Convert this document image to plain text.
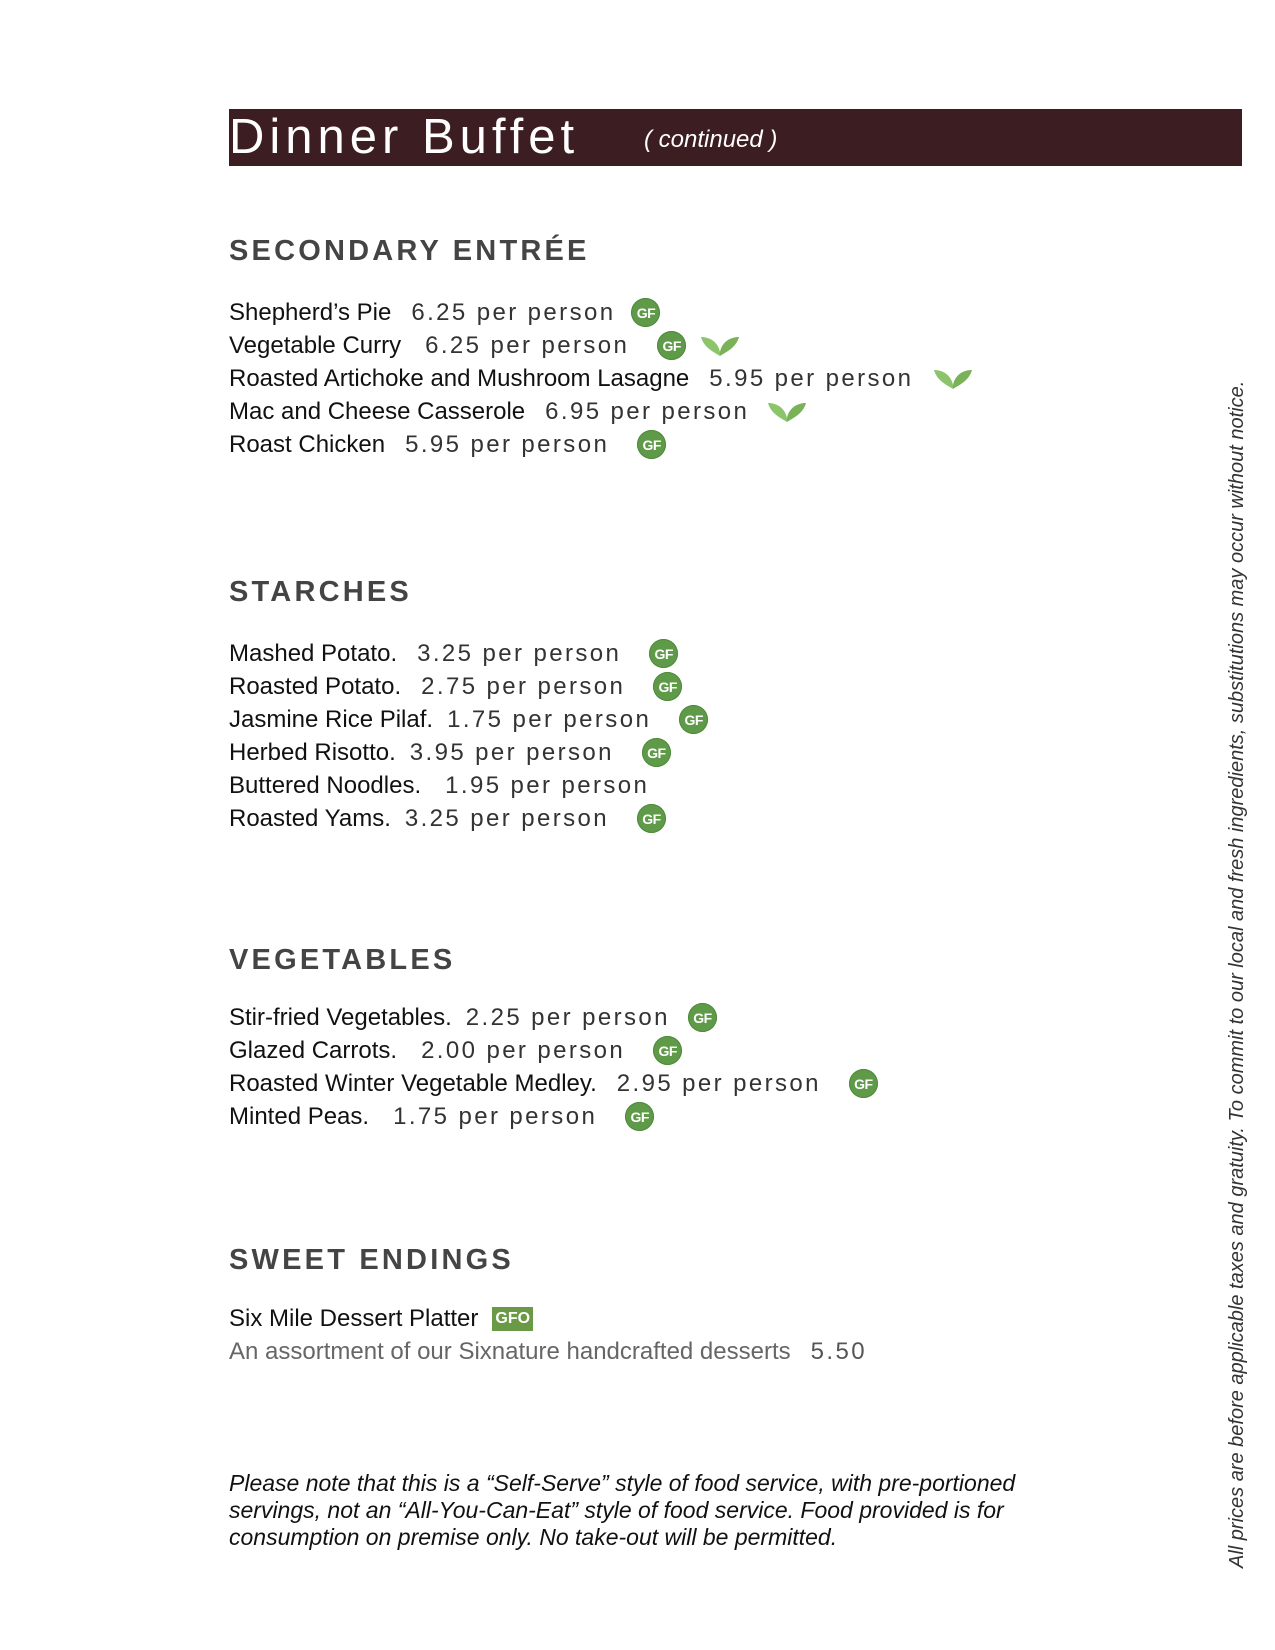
Dinner Buffet	( continued )
SECONDARY ENTRÉE
Shepherd’s Pie 6.25 per person	GF
Vegetable Curry 6.25 per person	GF
Roasted Artichoke and Mushroom Lasagne 5.95 per person
Mac and Cheese Casserole 6.95 per person
Roast Chicken 5.95 per person	GF
STARCHES
Mashed Potato. 3.25 per person	GF
Roasted Potato. 2.75 per person	GF
Jasmine Rice Pilaf. 1.75 per person	GF
Herbed Risotto. 3.95 per person	GF
Buttered Noodles. 1.95 per person
Roasted Yams. 3.25 per person	GF
VEGETABLES
Stir-fried Vegetables. 2.25 per person	GF
Glazed Carrots. 2.00 per person	GF
Roasted Winter Vegetable Medley. 2.95 per person	GF
Minted Peas. 1.75 per person	GF
SWEET ENDINGS
Six Mile Dessert Platter GFO
An assortment of our Sixnature handcrafted desserts 5.50

Please note that this is a “Self-Serve” style of food service, with pre-portioned servings, not an “All-You-Can-Eat” style of food service. Food provided is for consumption on premise only. No take-out will be permitted.	All prices are before applicable taxes and gratuity. To commit to our local and fresh ingredients, substitutions may occur without notice.
